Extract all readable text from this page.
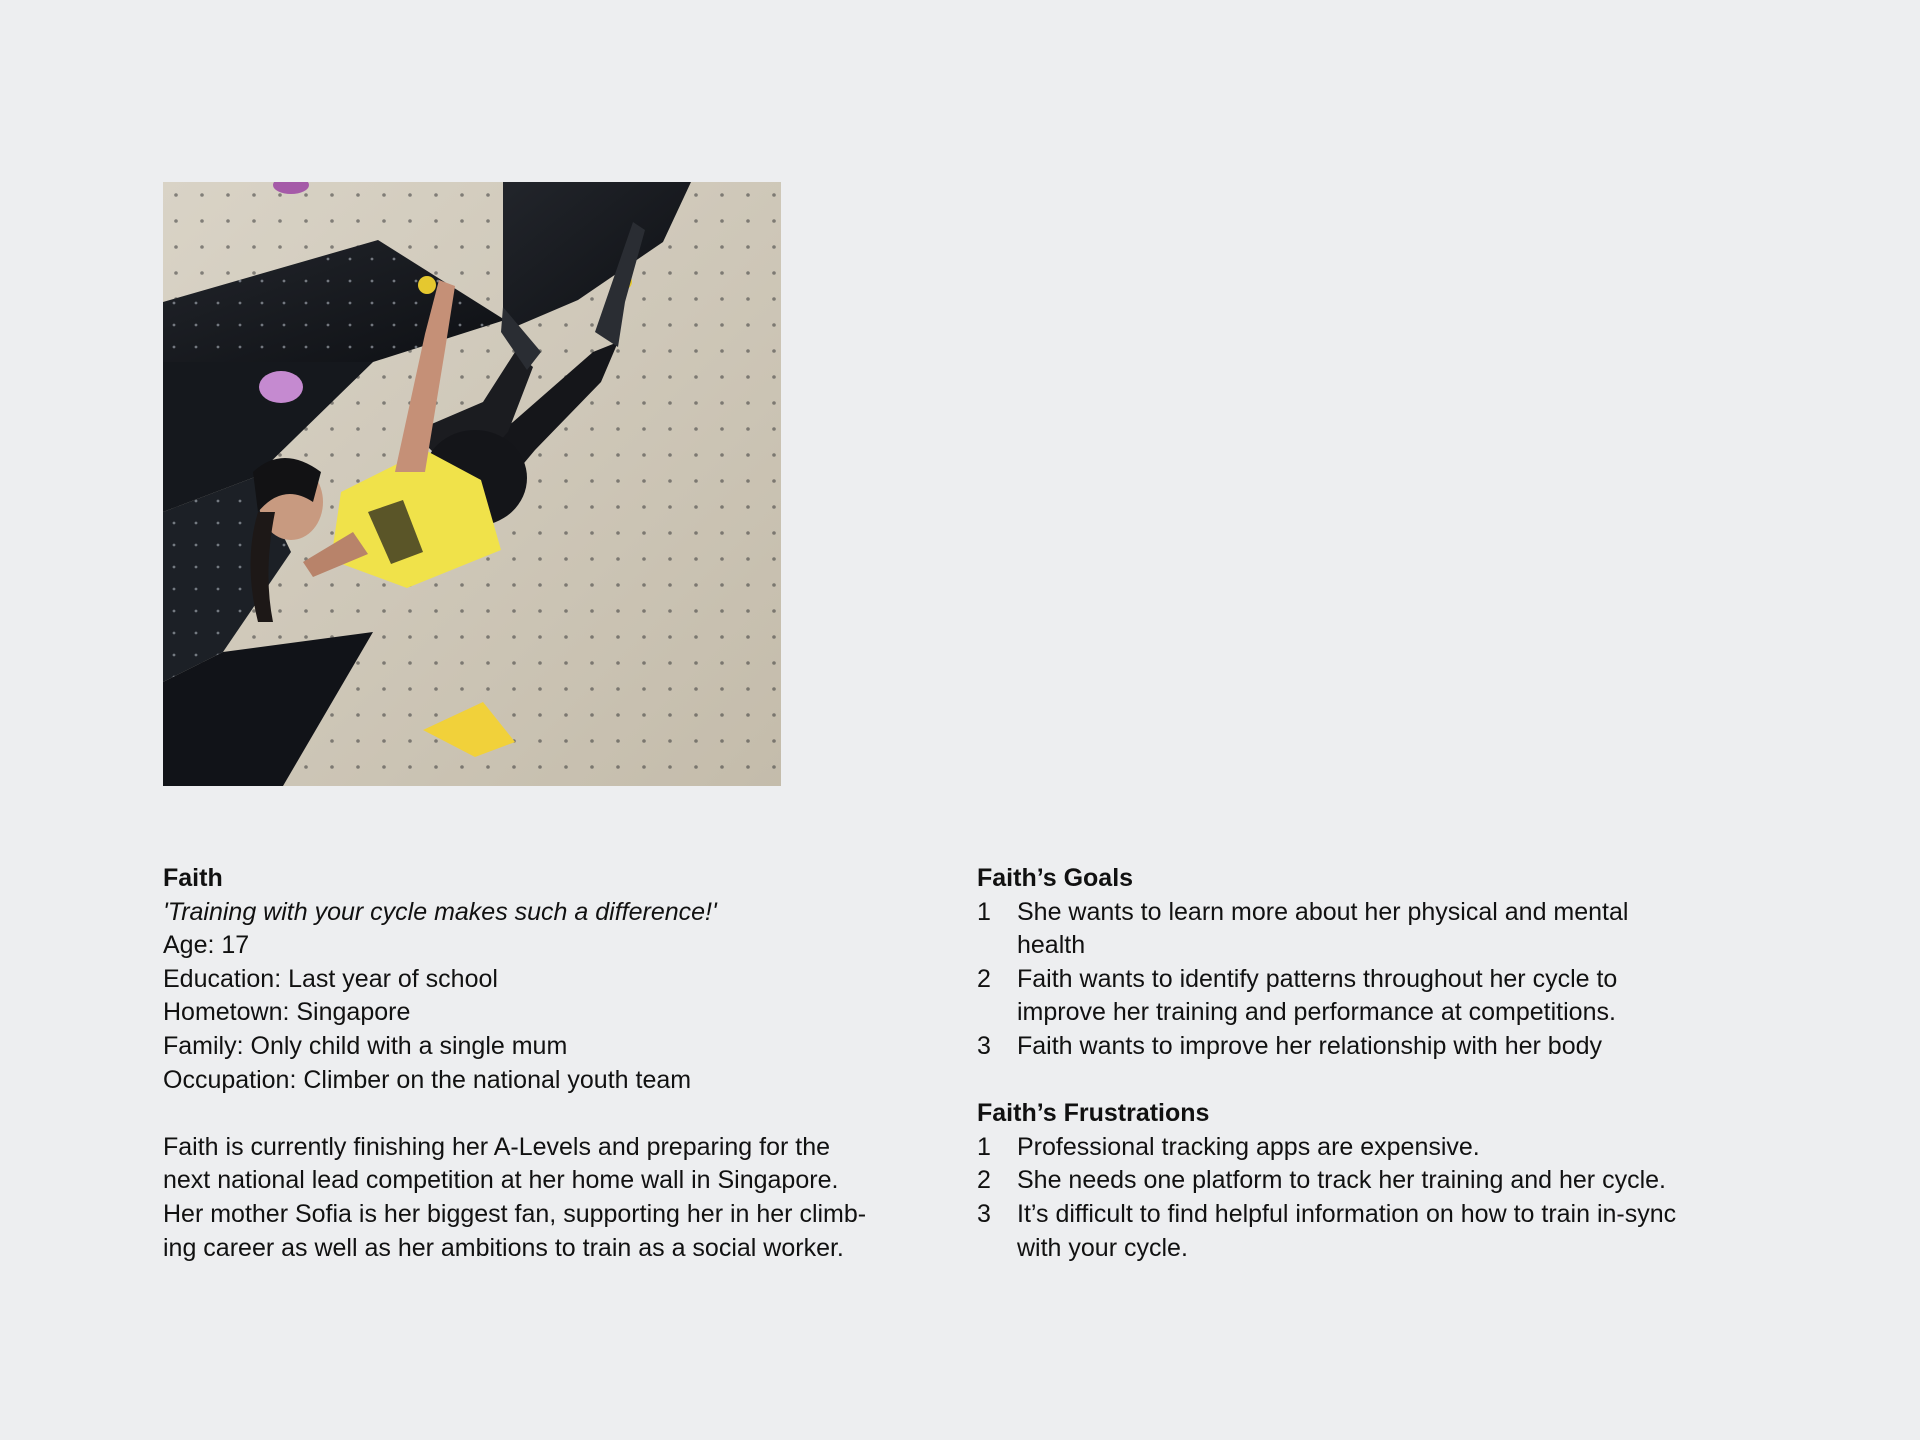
Faith
'Training with your cycle makes such a difference!'
Age: 17
Education: Last year of school
Hometown: Singapore
Family: Only child with a single mum
Occupation: Climber on the national youth team
Faith is currently finishing her A-Levels and preparing for the
next national lead competition at her home wall in Singapore.
Her mother Sofia is her biggest fan, supporting her in her climb-
ing career as well as her ambitions to train as a social worker.
Faith’s Goals
1	She wants to learn more about her physical and mental
health
2	Faith wants to identify patterns throughout her cycle to
improve her training and performance at competitions.
3	Faith wants to improve her relationship with her body
Faith’s Frustrations
1	Professional tracking apps are expensive.
2	She needs one platform to track her training and her cycle.
3	It’s difficult to find helpful information on how to train in-sync
with your cycle.
